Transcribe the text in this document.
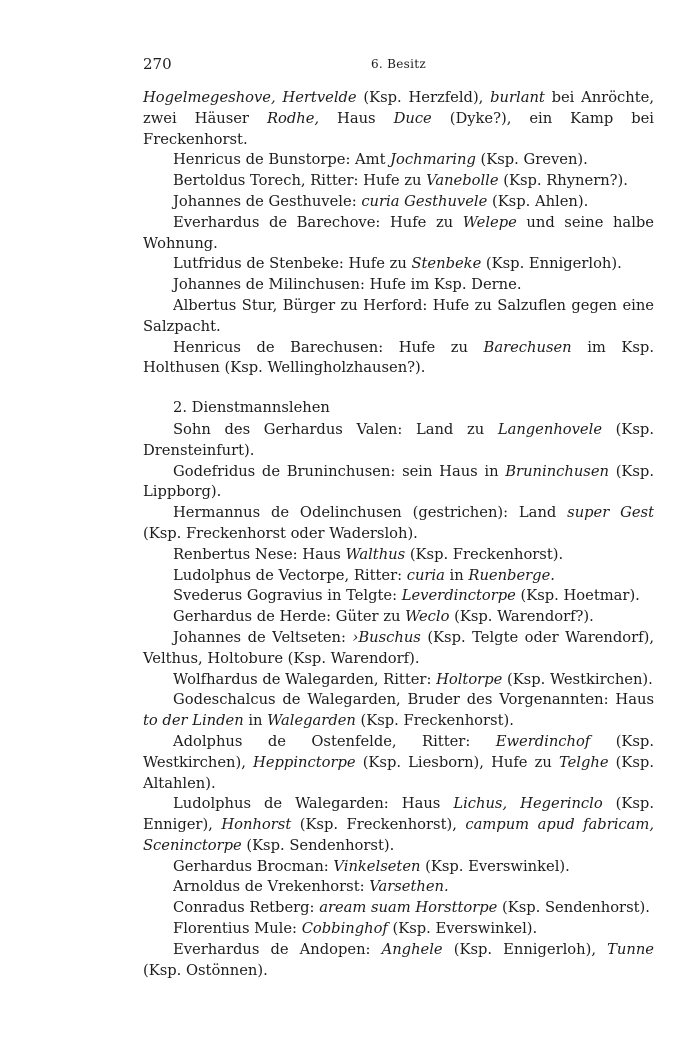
270	6. Besitz

Hogelmegeshove, Hertvelde (Ksp. Herzfeld), burlant bei Anröchte, zwei Häuser Rodhe, Haus Duce (Dyke?), ein Kamp bei Freckenhorst.

Henricus de Bunstorpe: Amt Jochmaring (Ksp. Greven).

Bertoldus Torech, Ritter: Hufe zu Vanebolle (Ksp. Rhynern?).

Johannes de Gesthuvele: curia Gesthuvele (Ksp. Ahlen).

Everhardus de Barechove: Hufe zu Welepe und seine halbe Wohnung.

Lutfridus de Stenbeke: Hufe zu Stenbeke (Ksp. Ennigerloh).

Johannes de Milinchusen: Hufe im Ksp. Derne.

Albertus Stur, Bürger zu Herford: Hufe zu Salzuflen gegen eine Salzpacht.

Henricus de Barechusen: Hufe zu Barechusen im Ksp. Holthusen (Ksp. Wellingholzhausen?).

2. Dienstmannslehen

Sohn des Gerhardus Valen: Land zu Langenhovele (Ksp. Drensteinfurt).

Godefridus de Bruninchusen: sein Haus in Bruninchusen (Ksp. Lippborg).

Hermannus de Odelinchusen (gestrichen): Land super Gest (Ksp. Freckenhorst oder Wadersloh).

Renbertus Nese: Haus Walthus (Ksp. Freckenhorst).

Ludolphus de Vectorpe, Ritter: curia in Ruenberge.

Svederus Gogravius in Telgte: Leverdinctorpe (Ksp. Hoetmar).

Gerhardus de Herde: Güter zu Weclo (Ksp. Warendorf?).

Johannes de Veltseten: ›Buschus (Ksp. Telgte oder Warendorf), Velthus, Holtobure (Ksp. Warendorf).

Wolfhardus de Walegarden, Ritter: Holtorpe (Ksp. Westkirchen).

Godeschalcus de Walegarden, Bruder des Vorgenannten: Haus to der Linden in Walegarden (Ksp. Freckenhorst).

Adolphus de Ostenfelde, Ritter: Ewerdinchof (Ksp. Westkirchen), Heppinctorpe (Ksp. Liesborn), Hufe zu Telghe (Ksp. Altahlen).

Ludolphus de Walegarden: Haus Lichus, Hegerinclo (Ksp. Enniger), Honhorst (Ksp. Freckenhorst), campum apud fabricam, Sceninctorpe (Ksp. Sendenhorst).

Gerhardus Brocman: Vinkelseten (Ksp. Everswinkel).

Arnoldus de Vrekenhorst: Varsethen.

Conradus Retberg: aream suam Horsttorpe (Ksp. Sendenhorst).

Florentius Mule: Cobbinghof (Ksp. Everswinkel).

Everhardus de Andopen: Anghele (Ksp. Ennigerloh), Tunne (Ksp. Ostönnen).
